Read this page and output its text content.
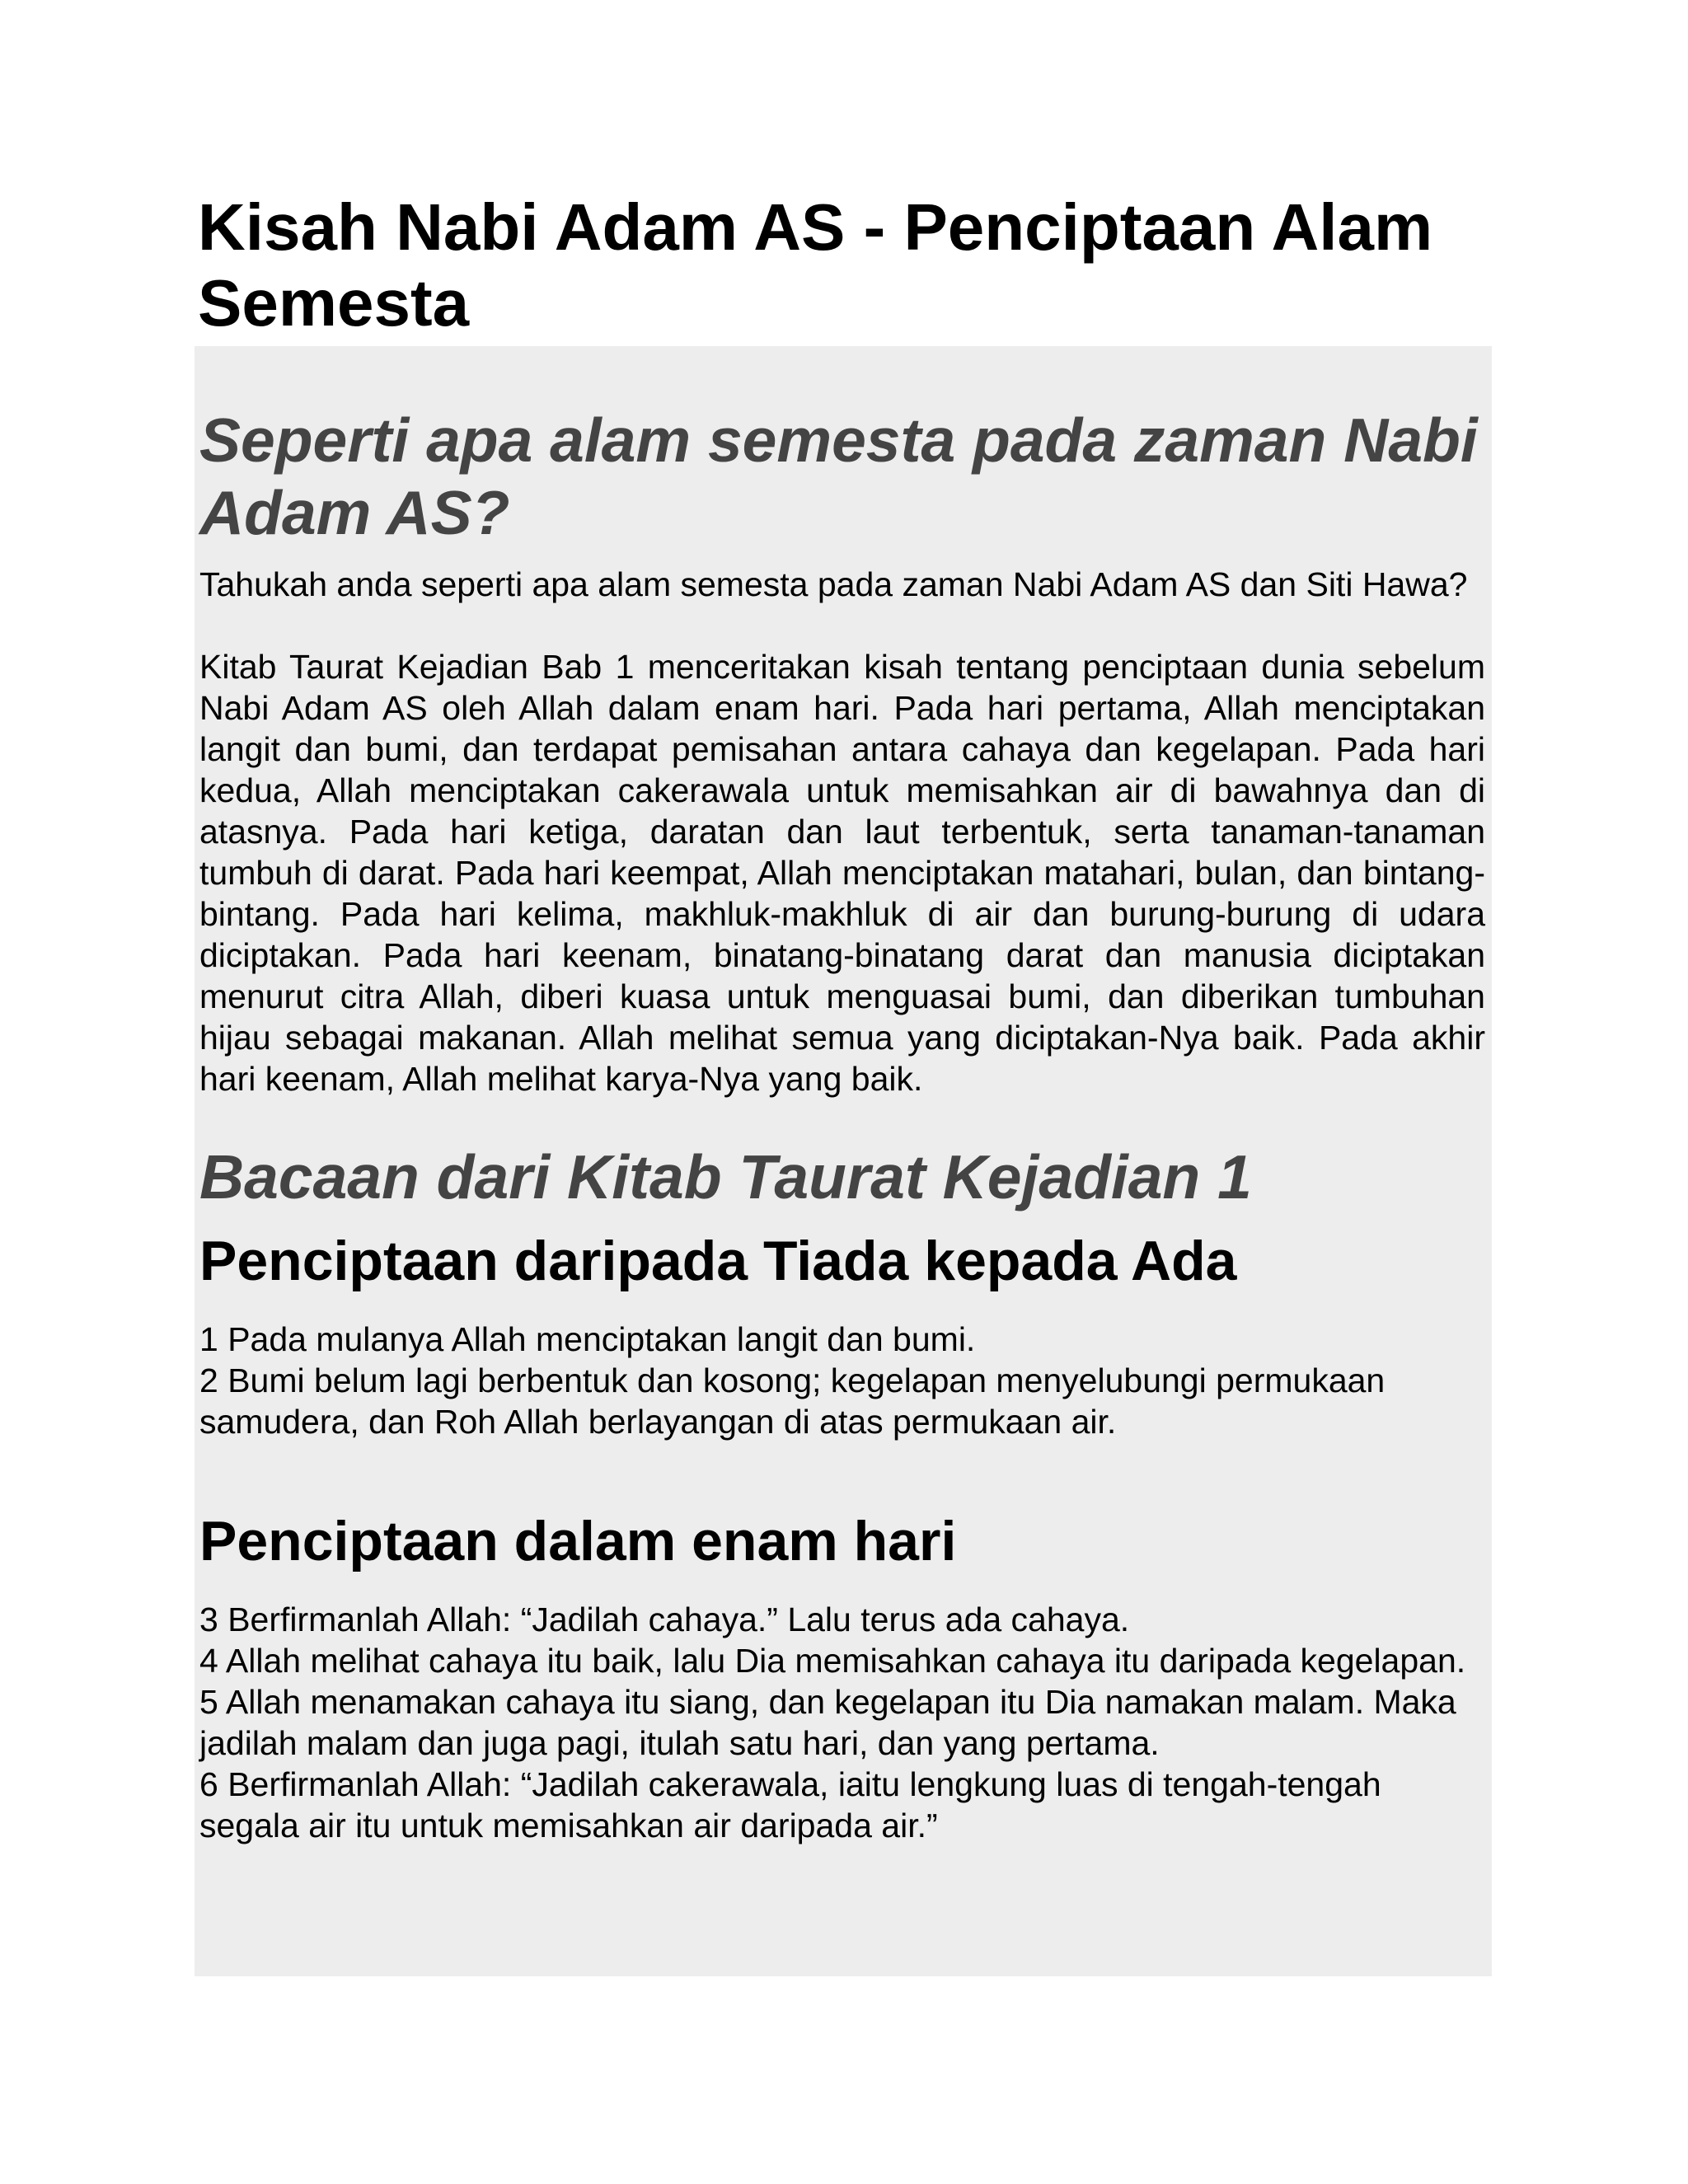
Kisah Nabi Adam AS - Penciptaan Alam Semesta
Seperti apa alam semesta pada zaman Nabi Adam AS?

Tahukah anda seperti apa alam semesta pada zaman Nabi Adam AS dan Siti Hawa?

Kitab Taurat Kejadian Bab 1 menceritakan kisah tentang penciptaan dunia sebelum Nabi Adam AS oleh Allah dalam enam hari. Pada hari pertama, Allah menciptakan langit dan bumi, dan terdapat pemisahan antara cahaya dan kegelapan. Pada hari kedua, Allah menciptakan cakerawala untuk memisahkan air di bawahnya dan di atasnya. Pada hari ketiga, daratan dan laut terbentuk, serta tanaman-tanaman tumbuh di darat. Pada hari keempat, Allah menciptakan matahari, bulan, dan bintang-bintang. Pada hari kelima, makhluk-makhluk di air dan burung-burung di udara diciptakan. Pada hari keenam, binatang-binatang darat dan manusia diciptakan menurut citra Allah, diberi kuasa untuk menguasai bumi, dan diberikan tumbuhan hijau sebagai makanan. Allah melihat semua yang diciptakan-Nya baik. Pada akhir hari keenam, Allah melihat karya-Nya yang baik.

Bacaan dari Kitab Taurat Kejadian 1
Penciptaan daripada Tiada kepada Ada

1 Pada mulanya Allah menciptakan langit dan bumi.

2 Bumi belum lagi berbentuk dan kosong; kegelapan menyelubungi permukaan samudera, dan Roh Allah berlayangan di atas permukaan air.

Penciptaan dalam enam hari

3 Berfirmanlah Allah: “Jadilah cahaya.” Lalu terus ada cahaya.

4 Allah melihat cahaya itu baik, lalu Dia memisahkan cahaya itu daripada kegelapan.

5 Allah menamakan cahaya itu siang, dan kegelapan itu Dia namakan malam. Maka jadilah malam dan juga pagi, itulah satu hari, dan yang pertama.

6 Berfirmanlah Allah: “Jadilah cakerawala, iaitu lengkung luas di tengah-tengah segala air itu untuk memisahkan air daripada air.”
